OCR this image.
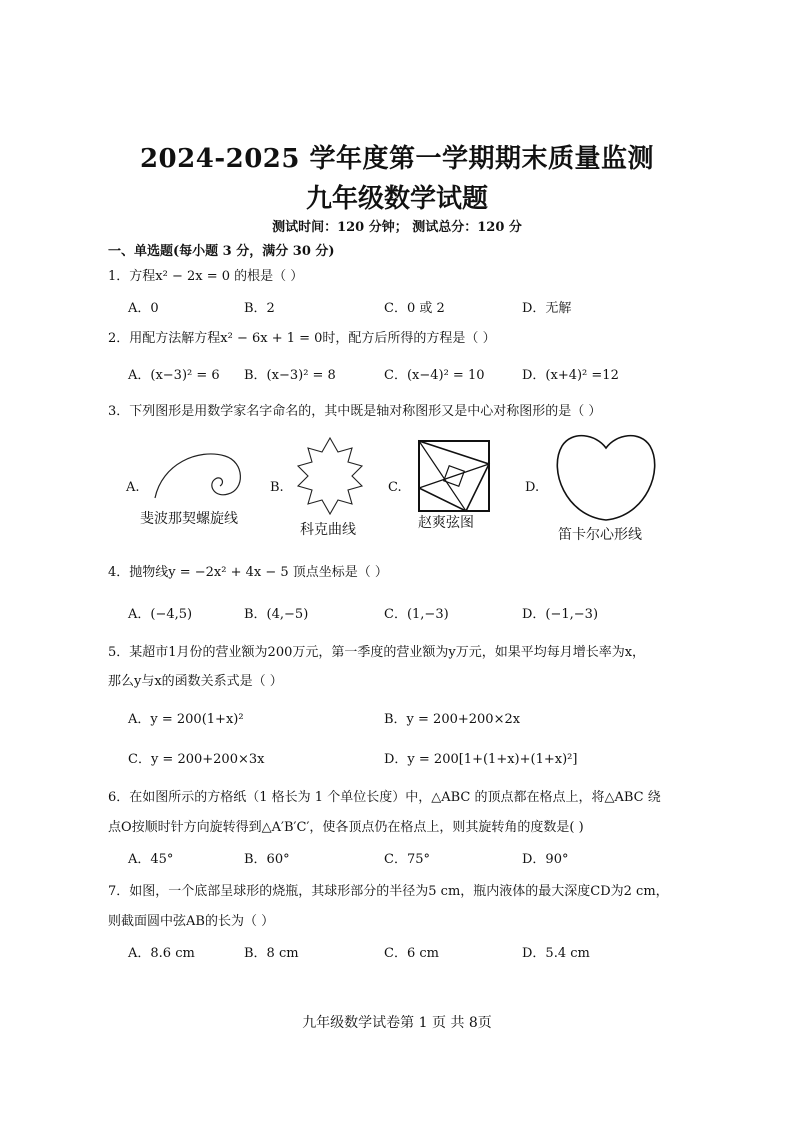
2024-2025 学年度第一学期期末质量监测
九年级数学试题
测试时间：120 分钟； 测试总分：120 分
一、单选题(每小题 3 分，满分 30 分)
1．方程x² − 2x = 0 的根是（ ）
A．0	B．2	C．0 或 2	D．无解
2．用配方法解方程x² − 6x + 1 = 0时，配方后所得的方程是（ ）
A．(x−3)² = 6 B．(x−3)² = 8	C．(x−4)² = 10	D．(x+4)² =12
3．下列图形是用数学家名字命名的，其中既是轴对称图形又是中心对称图形的是（ ）
A.
斐波那契螺旋线
B.
科克曲线
C.
赵爽弦图
D.
笛卡尔心形线
4．抛物线y = −2x² + 4x − 5 顶点坐标是（ ）
A．(−4,5)	B．(4,−5)	C．(1,−3)	D．(−1,−3)
5．某超市1月份的营业额为200万元，第一季度的营业额为y万元，如果平均每月增长率为x，
那么y与x的函数关系式是（ ）
A．y = 200(1+x)²	B．y = 200+200×2x
C．y = 200+200×3x	D．y = 200[1+(1+x)+(1+x)²]
6．在如图所示的方格纸（1 格长为 1 个单位长度）中，△ABC 的顶点都在格点上，将△ABC 绕
点O按顺时针方向旋转得到△A′B′C′，使各顶点仍在格点上，则其旋转角的度数是( )
A．45°	B．60°	C．75°	D．90°
7．如图，一个底部呈球形的烧瓶，其球形部分的半径为5 cm，瓶内液体的最大深度CD为2 cm，
则截面圆中弦AB的长为（ ）
A．8.6 cm	B．8 cm	C．6 cm	D．5.4 cm
九年级数学试卷第 1 页 共 8页
